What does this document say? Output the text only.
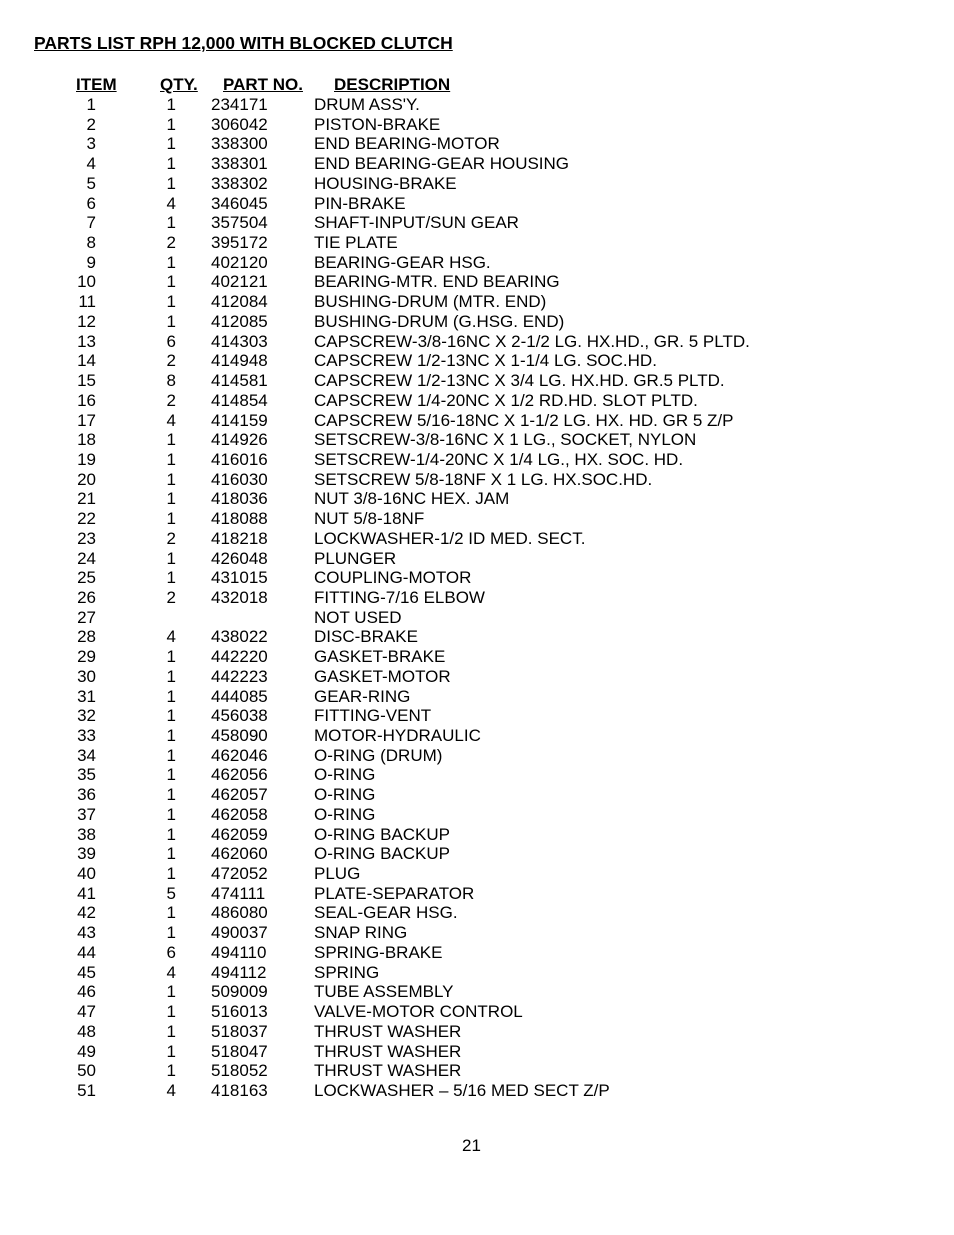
PARTS LIST RPH 12,000 WITH BLOCKED CLUTCH
ITEM	QTY. PART NO. DESCRIPTION
1	1 234171	DRUM ASS'Y.
2	1 306042	PISTON-BRAKE
3	1 338300	END BEARING-MOTOR
4	1 338301	END BEARING-GEAR HOUSING
5	1 338302	HOUSING-BRAKE
6	4 346045	PIN-BRAKE
7	1 357504	SHAFT-INPUT/SUN GEAR
8	2 395172	TIE PLATE
9	1 402120	BEARING-GEAR HSG.
10	1 402121	BEARING-MTR. END BEARING
11	1 412084	BUSHING-DRUM (MTR. END)
12	1 412085	BUSHING-DRUM (G.HSG. END)
13	6 414303	CAPSCREW-3/8-16NC X 2-1/2 LG. HX.HD., GR. 5 PLTD.
14	2 414948	CAPSCREW 1/2-13NC X 1-1/4 LG. SOC.HD.
15	8 414581	CAPSCREW 1/2-13NC X 3/4 LG. HX.HD. GR.5 PLTD.
16	2 414854	CAPSCREW 1/4-20NC X 1/2 RD.HD. SLOT PLTD.
17	4 414159	CAPSCREW 5/16-18NC X 1-1/2 LG. HX. HD. GR 5 Z/P
18	1 414926	SETSCREW-3/8-16NC X 1 LG., SOCKET, NYLON
19	1 416016	SETSCREW-1/4-20NC X 1/4 LG., HX. SOC. HD.
20	1 416030	SETSCREW 5/8-18NF X 1 LG. HX.SOC.HD.
21	1 418036	NUT 3/8-16NC HEX. JAM
22	1 418088	NUT 5/8-18NF
23	2 418218	LOCKWASHER-1/2 ID MED. SECT.
24	1 426048	PLUNGER
25	1 431015	COUPLING-MOTOR
26	2 432018	FITTING-7/16 ELBOW
27	NOT USED
28	4 438022	DISC-BRAKE
29	1 442220	GASKET-BRAKE
30	1 442223	GASKET-MOTOR
31	1 444085	GEAR-RING
32	1 456038	FITTING-VENT
33	1 458090	MOTOR-HYDRAULIC
34	1 462046	O-RING (DRUM)
35	1 462056	O-RING
36	1 462057	O-RING
37	1 462058	O-RING
38	1 462059	O-RING BACKUP
39	1 462060	O-RING BACKUP
40	1 472052	PLUG
41	5 474111	PLATE-SEPARATOR
42	1 486080	SEAL-GEAR HSG.
43	1 490037	SNAP RING
44	6 494110	SPRING-BRAKE
45	4 494112	SPRING
46	1 509009	TUBE ASSEMBLY
47	1 516013	VALVE-MOTOR CONTROL
48	1 518037	THRUST WASHER
49	1 518047	THRUST WASHER
50	1 518052	THRUST WASHER
51	4 418163	LOCKWASHER – 5/16 MED SECT Z/P
21
